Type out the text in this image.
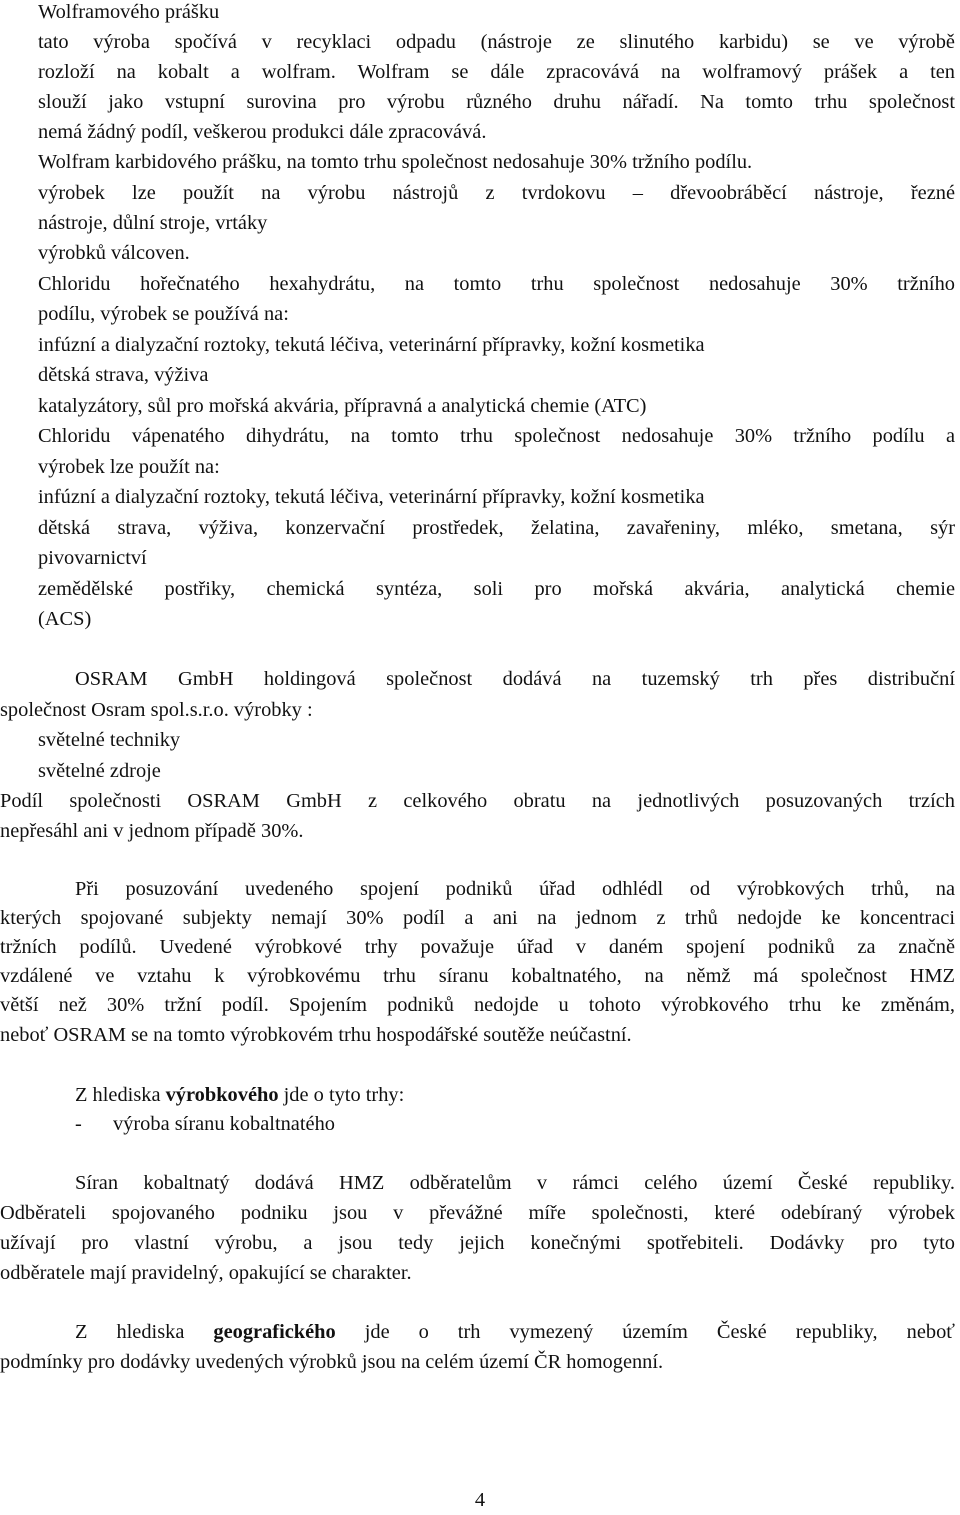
Wolframového prášku
tato výroba spočívá v recyklaci odpadu (nástroje ze slinutého karbidu) se ve výrobě
rozloží na kobalt a wolfram. Wolfram se dále zpracovává na wolframový prášek a ten
slouží jako vstupní surovina pro výrobu různého druhu nářadí. Na tomto trhu společnost
nemá žádný podíl, veškerou produkci dále zpracovává.
Wolfram karbidového prášku, na tomto trhu společnost nedosahuje 30% tržního podílu.
výrobek lze použít na výrobu nástrojů z tvrdokovu – dřevoobráběcí nástroje, řezné
nástroje, důlní stroje, vrtáky
výrobků válcoven.
Chloridu hořečnatého hexahydrátu, na tomto trhu společnost nedosahuje 30% tržního
podílu, výrobek se používá na:
infúzní a dialyzační roztoky, tekutá léčiva, veterinární přípravky, kožní kosmetika
dětská strava, výživa
katalyzátory, sůl pro mořská akvária, přípravná a analytická chemie (ATC)
Chloridu vápenatého dihydrátu, na tomto trhu společnost nedosahuje 30% tržního podílu a
výrobek lze použít na:
infúzní a dialyzační roztoky, tekutá léčiva, veterinární přípravky, kožní kosmetika
dětská strava, výživa, konzervační prostředek, želatina, zavařeniny, mléko, smetana, sýr
pivovarnictví
zemědělské postřiky, chemická syntéza, soli pro mořská akvária, analytická chemie
(ACS)
OSRAM GmbH holdingová společnost dodává na tuzemský trh přes distribuční
společnost Osram spol.s.r.o. výrobky :
světelné techniky
světelné zdroje
Podíl společnosti OSRAM GmbH z celkového obratu na jednotlivých posuzovaných trzích
nepřesáhl ani v jednom případě 30%.
Při posuzování uvedeného spojení podniků úřad odhlédl od výrobkových trhů, na
kterých spojované subjekty nemají 30% podíl a ani na jednom z trhů nedojde ke koncentraci
tržních podílů. Uvedené výrobkové trhy považuje úřad v daném spojení podniků za značně
vzdálené ve vztahu k výrobkovému trhu síranu kobaltnatého, na němž má společnost HMZ
větší než 30% tržní podíl. Spojením podniků nedojde u tohoto výrobkového trhu ke změnám,
neboť OSRAM se na tomto výrobkovém trhu hospodářské soutěže neúčastní.
Z hlediska výrobkového jde o tyto trhy:
- výroba síranu kobaltnatého
Síran kobaltnatý dodává HMZ odběratelům v rámci celého území České republiky.
Odběrateli spojovaného podniku jsou v převážné míře společnosti, které odebíraný výrobek
užívají pro vlastní výrobu, a jsou tedy jejich konečnými spotřebiteli. Dodávky pro tyto
odběratele mají pravidelný, opakující se charakter.
Z hlediska geografického jde o trh vymezený územím České republiky, neboť
podmínky pro dodávky uvedených výrobků jsou na celém území ČR homogenní.
4
